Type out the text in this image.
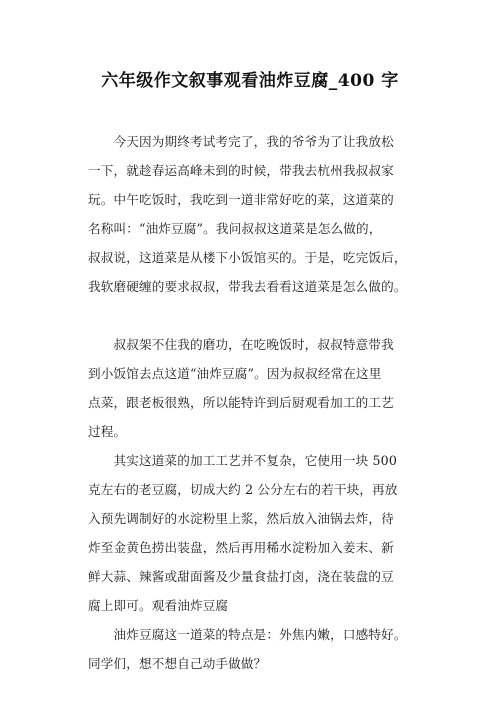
六年级作文叙事观看油炸豆腐_400 字
　　今天因为期终考试考完了，我的爷爷为了让我放松
一下，就趁春运高峰未到的时候，带我去杭州我叔叔家
玩。中午吃饭时，我吃到一道非常好吃的菜，这道菜的
名称叫：“油炸豆腐”。我问叔叔这道菜是怎么做的，
叔叔说，这道菜是从楼下小饭馆买的。于是，吃完饭后，
我软磨硬缠的要求叔叔，带我去看看这道菜是怎么做的。
　　叔叔架不住我的磨功，在吃晚饭时，叔叔特意带我
到小饭馆去点这道“油炸豆腐”。因为叔叔经常在这里
点菜，跟老板很熟，所以能特许到后厨观看加工的工艺
过程。
　　其实这道菜的加工工艺并不复杂，它使用一块 500
克左右的老豆腐，切成大约 2 公分左右的若干块，再放
入预先调制好的水淀粉里上浆，然后放入油锅去炸，待
炸至金黄色捞出装盘，然后再用稀水淀粉加入姜末、新
鲜大蒜、辣酱或甜面酱及少量食盐打卤，浇在装盘的豆
腐上即可。观看油炸豆腐
　　油炸豆腐这一道菜的特点是：外焦内嫩，口感特好。
同学们，想不想自己动手做做？
